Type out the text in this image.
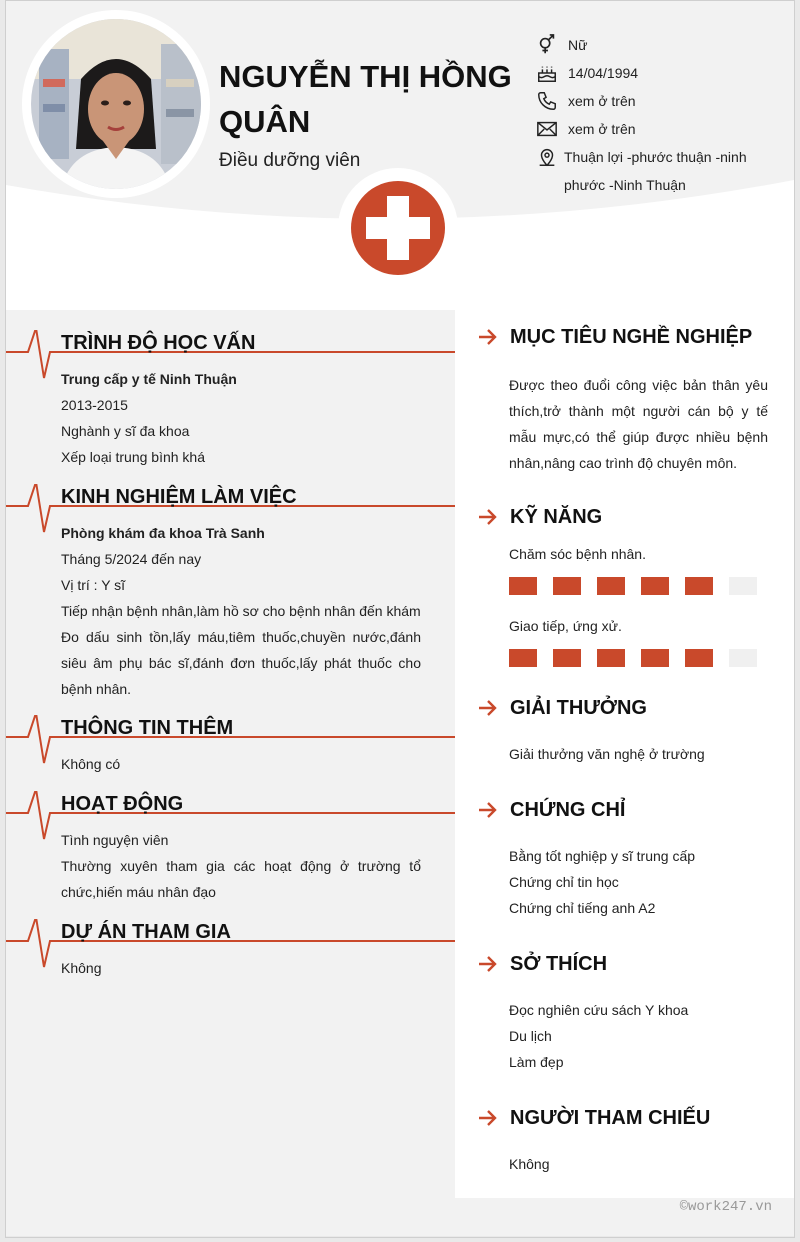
NGUYỄN THỊ HỒNG QUÂN
Điều dưỡng viên
Nữ
14/04/1994
xem ở trên
xem ở trên
Thuận lợi -phước thuận -ninh phước -Ninh Thuận
TRÌNH ĐỘ HỌC VẤN
Trung cấp y tế Ninh Thuận
2013-2015
Nghành y sĩ đa khoa
Xếp loại trung bình khá
KINH NGHIỆM LÀM VIỆC
Phòng khám đa khoa Trà Sanh
Tháng 5/2024 đến nay
Vị trí : Y sĩ
Tiếp nhận bệnh nhân,làm hồ sơ cho bệnh nhân đến khám
Đo dấu sinh tồn,lấy máu,tiêm thuốc,chuyền nước,đánh siêu âm phụ bác sĩ,đánh đơn thuốc,lấy phát thuốc cho bệnh nhân.
THÔNG TIN THÊM
Không có
HOẠT ĐỘNG
Tình nguyện viên
Thường xuyên tham gia các hoạt động ở trường tổ chức,hiến máu nhân đạo
DỰ ÁN THAM GIA
Không
MỤC TIÊU NGHỀ NGHIỆP
Được theo đuổi công việc bản thân yêu thích,trở thành một người cán bộ y tế mẫu mực,có thể giúp được nhiều bệnh nhân,nâng cao trình độ chuyên môn.
KỸ NĂNG
Chăm sóc bệnh nhân.
Giao tiếp, ứng xử.
GIẢI THƯỞNG
Giải thưởng văn nghệ ở trường
CHỨNG CHỈ
Bằng tốt nghiệp y sĩ trung cấp
Chứng chỉ tin học
Chứng chỉ tiếng anh A2
SỞ THÍCH
Đọc nghiên cứu sách Y khoa
Du lịch
Làm đẹp
NGƯỜI THAM CHIẾU
Không
©work247.vn
